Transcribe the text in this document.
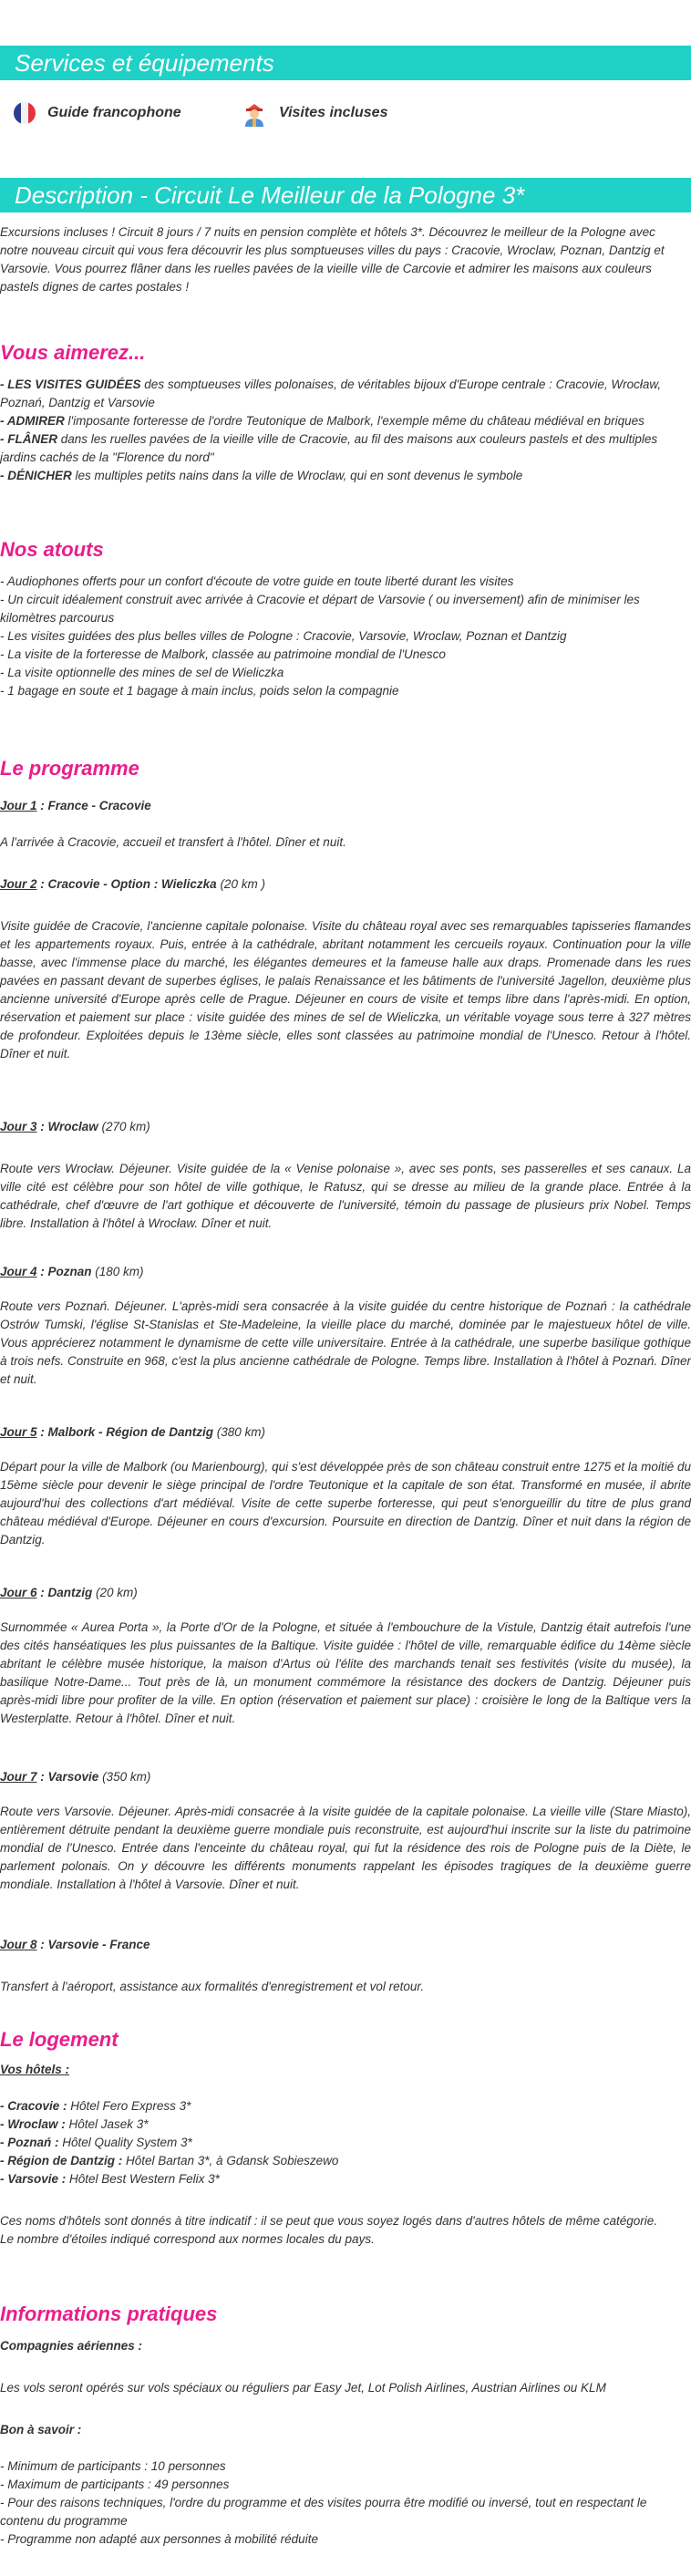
Services et équipements
Guide francophone	Visites incluses
Description - Circuit Le Meilleur de la Pologne 3*

Excursions incluses ! Circuit 8 jours / 7 nuits en pension complète et hôtels 3*. Découvrez le meilleur de la Pologne avec notre nouveau circuit qui vous fera découvrir les plus somptueuses villes du pays : Cracovie, Wroclaw, Poznan, Dantzig et Varsovie. Vous pourrez flâner dans les ruelles pavées de la vieille ville de Carcovie et admirer les maisons aux couleurs pastels dignes de cartes postales !

Vous aimerez...

- LES VISITES GUIDÉES des somptueuses villes polonaises, de véritables bijoux d'Europe centrale : Cracovie, Wrocław, Poznań, Dantzig et Varsovie

- ADMIRER l'imposante forteresse de l'ordre Teutonique de Malbork, l'exemple même du château médiéval en briques

- FLÂNER dans les ruelles pavées de la vieille ville de Cracovie, au fil des maisons aux couleurs pastels et des multiples jardins cachés de la "Florence du nord"

- DÉNICHER les multiples petits nains dans la ville de Wroclaw, qui en sont devenus le symbole

Nos atouts

- Audiophones offerts pour un confort d'écoute de votre guide en toute liberté durant les visites

- Un circuit idéalement construit avec arrivée à Cracovie et départ de Varsovie ( ou inversement) afin de minimiser les kilomètres parcourus

- Les visites guidées des plus belles villes de Pologne : Cracovie, Varsovie, Wroclaw, Poznan et Dantzig

- La visite de la forteresse de Malbork, classée au patrimoine mondial de l'Unesco

- La visite optionnelle des mines de sel de Wieliczka

- 1 bagage en soute et 1 bagage à main inclus, poids selon la compagnie

Le programme

Jour 1 : France - Cracovie

A l'arrivée à Cracovie, accueil et transfert à l'hôtel. Dîner et nuit.

Jour 2 : Cracovie - Option : Wieliczka (20 km )

Visite guidée de Cracovie, l'ancienne capitale polonaise. Visite du château royal avec ses remarquables tapisseries flamandes et les appartements royaux. Puis, entrée à la cathédrale, abritant notamment les cercueils royaux. Continuation pour la ville basse, avec l'immense place du marché, les élégantes demeures et la fameuse halle aux draps. Promenade dans les rues pavées en passant devant de superbes églises, le palais Renaissance et les bâtiments de l'université Jagellon, deuxième plus ancienne université d'Europe après celle de Prague. Déjeuner en cours de visite et temps libre dans l'après-midi. En option, réservation et paiement sur place : visite guidée des mines de sel de Wieliczka, un véritable voyage sous terre à 327 mètres de profondeur. Exploitées depuis le 13ème siècle, elles sont classées au patrimoine mondial de l'Unesco. Retour à l'hôtel. Dîner et nuit.

Jour 3 : Wroclaw (270 km)

Route vers Wrocław. Déjeuner. Visite guidée de la « Venise polonaise », avec ses ponts, ses passerelles et ses canaux. La ville cité est célèbre pour son hôtel de ville gothique, le Ratusz, qui se dresse au milieu de la grande place. Entrée à la cathédrale, chef d'œuvre de l'art gothique et découverte de l'université, témoin du passage de plusieurs prix Nobel. Temps libre. Installation à l'hôtel à Wrocław. Dîner et nuit.

Jour 4 : Poznan (180 km)

Route vers Poznań. Déjeuner. L'après-midi sera consacrée à la visite guidée du centre historique de Poznań : la cathédrale Ostrów Tumski, l'église St-Stanislas et Ste-Madeleine, la vieille place du marché, dominée par le majestueux hôtel de ville. Vous apprécierez notamment le dynamisme de cette ville universitaire. Entrée à la cathédrale, une superbe basilique gothique à trois nefs. Construite en 968, c'est la plus ancienne cathédrale de Pologne. Temps libre. Installation à l'hôtel à Poznań. Dîner et nuit.

Jour 5 : Malbork - Région de Dantzig (380 km)

Départ pour la ville de Malbork (ou Marienbourg), qui s'est développée près de son château construit entre 1275 et la moitié du 15ème siècle pour devenir le siège principal de l'ordre Teutonique et la capitale de son état. Transformé en musée, il abrite aujourd'hui des collections d'art médiéval. Visite de cette superbe forteresse, qui peut s'enorgueillir du titre de plus grand château médiéval d'Europe. Déjeuner en cours d'excursion. Poursuite en direction de Dantzig. Dîner et nuit dans la région de Dantzig.

Jour 6 : Dantzig (20 km)

Surnommée « Aurea Porta », la Porte d'Or de la Pologne, et située à l'embouchure de la Vistule, Dantzig était autrefois l'une des cités hanséatiques les plus puissantes de la Baltique. Visite guidée : l'hôtel de ville, remarquable édifice du 14ème siècle abritant le célèbre musée historique, la maison d'Artus où l'élite des marchands tenait ses festivités (visite du musée), la basilique Notre-Dame... Tout près de là, un monument commémore la résistance des dockers de Dantzig. Déjeuner puis après-midi libre pour profiter de la ville. En option (réservation et paiement sur place) : croisière le long de la Baltique vers la Westerplatte. Retour à l'hôtel. Dîner et nuit.

Jour 7 : Varsovie (350 km)

Route vers Varsovie. Déjeuner. Après-midi consacrée à la visite guidée de la capitale polonaise. La vieille ville (Stare Miasto), entièrement détruite pendant la deuxième guerre mondiale puis reconstruite, est aujourd'hui inscrite sur la liste du patrimoine mondial de l'Unesco. Entrée dans l'enceinte du château royal, qui fut la résidence des rois de Pologne puis de la Diète, le parlement polonais. On y découvre les différents monuments rappelant les épisodes tragiques de la deuxième guerre mondiale. Installation à l'hôtel à Varsovie. Dîner et nuit.

Jour 8 : Varsovie - France

Transfert à l'aéroport, assistance aux formalités d'enregistrement et vol retour.

Le logement

Vos hôtels :

- Cracovie : Hôtel Fero Express 3*

- Wroclaw : Hôtel Jasek 3*

- Poznań : Hôtel Quality System 3*

- Région de Dantzig : Hôtel Bartan 3*, à Gdansk Sobieszewo

- Varsovie : Hôtel Best Western Felix 3*

Ces noms d'hôtels sont donnés à titre indicatif : il se peut que vous soyez logés dans d'autres hôtels de même catégorie.

Le nombre d'étoiles indiqué correspond aux normes locales du pays.

Informations pratiques

Compagnies aériennes :

Les vols seront opérés sur vols spéciaux ou réguliers par Easy Jet, Lot Polish Airlines, Austrian Airlines ou KLM

Bon à savoir :

- Minimum de participants : 10 personnes

- Maximum de participants : 49 personnes

- Pour des raisons techniques, l'ordre du programme et des visites pourra être modifié ou inversé, tout en respectant le contenu du programme

- Programme non adapté aux personnes à mobilité réduite
